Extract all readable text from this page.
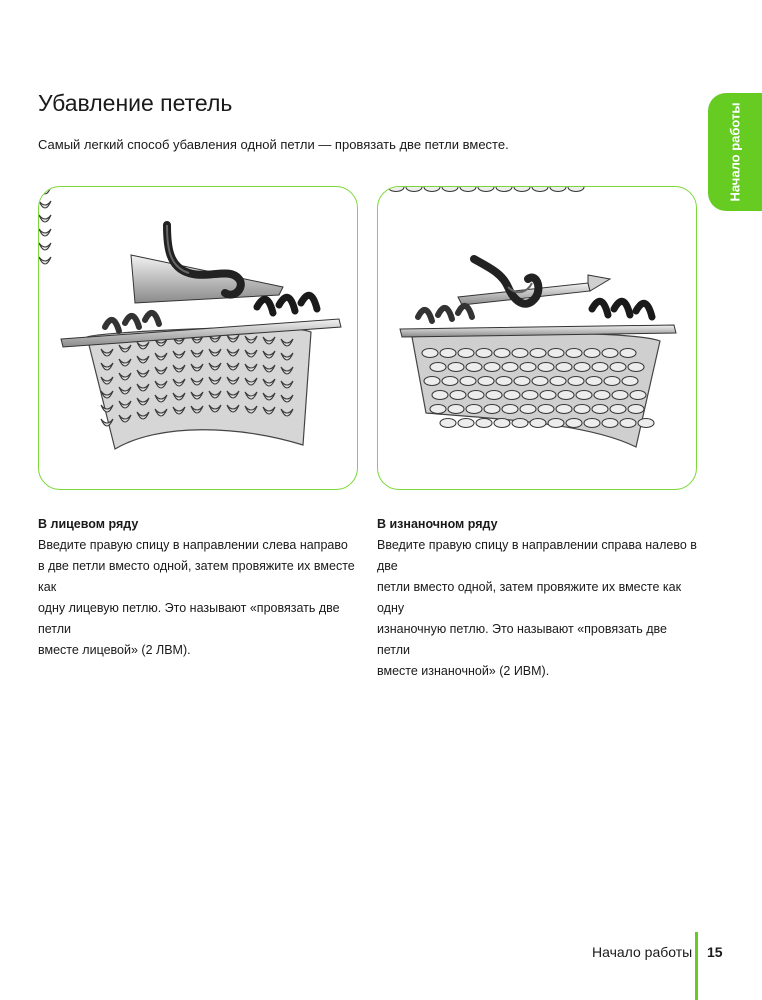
Начало работы
Убавление петель

Самый легкий способ убавления одной петли — провязать две петли вместе.

В лицевом ряду
Введите правую спицу в направлении слева направо
в две петли вместо одной, затем провяжите их вместе как
одну лицевую петлю. Это называют «провязать две петли
вместе лицевой» (2 ЛВМ).
В изнаночном ряду
Введите правую спицу в направлении справа налево в две
петли вместо одной, затем провяжите их вместе как одну
изнаночную петлю. Это называют «провязать две петли
вместе изнаночной» (2 ИВМ).
Начало работы 15
